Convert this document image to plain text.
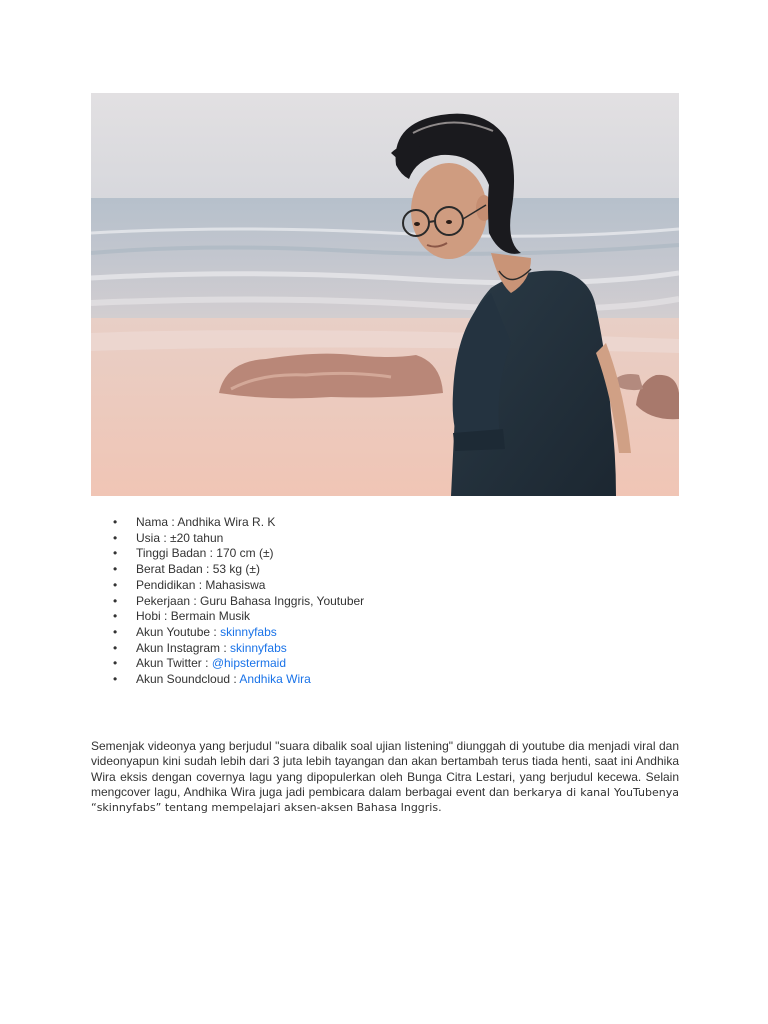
• Nama : Andhika Wira R. K
• Usia : ±20 tahun
• Tinggi Badan : 170 cm (±)
• Berat Badan : 53 kg (±)
• Pendidikan : Mahasiswa
• Pekerjaan : Guru Bahasa Inggris, Youtuber
• Hobi : Bermain Musik
• Akun Youtube : skinnyfabs
• Akun Instagram : skinnyfabs
• Akun Twitter : @hipstermaid
• Akun Soundcloud : Andhika Wira

Semenjak videonya yang berjudul "suara dibalik soal ujian listening" diunggah di youtube dia menjadi viral dan videonyapun kini sudah lebih dari 3 juta lebih tayangan dan akan bertambah terus tiada henti, saat ini Andhika Wira eksis dengan covernya lagu yang dipopulerkan oleh Bunga Citra Lestari, yang berjudul kecewa. Selain mengcover lagu, Andhika Wira juga jadi pembicara dalam berbagai event dan berkarya di kanal YouTubenya “skinnyfabs” tentang mempelajari aksen-aksen Bahasa Inggris.
